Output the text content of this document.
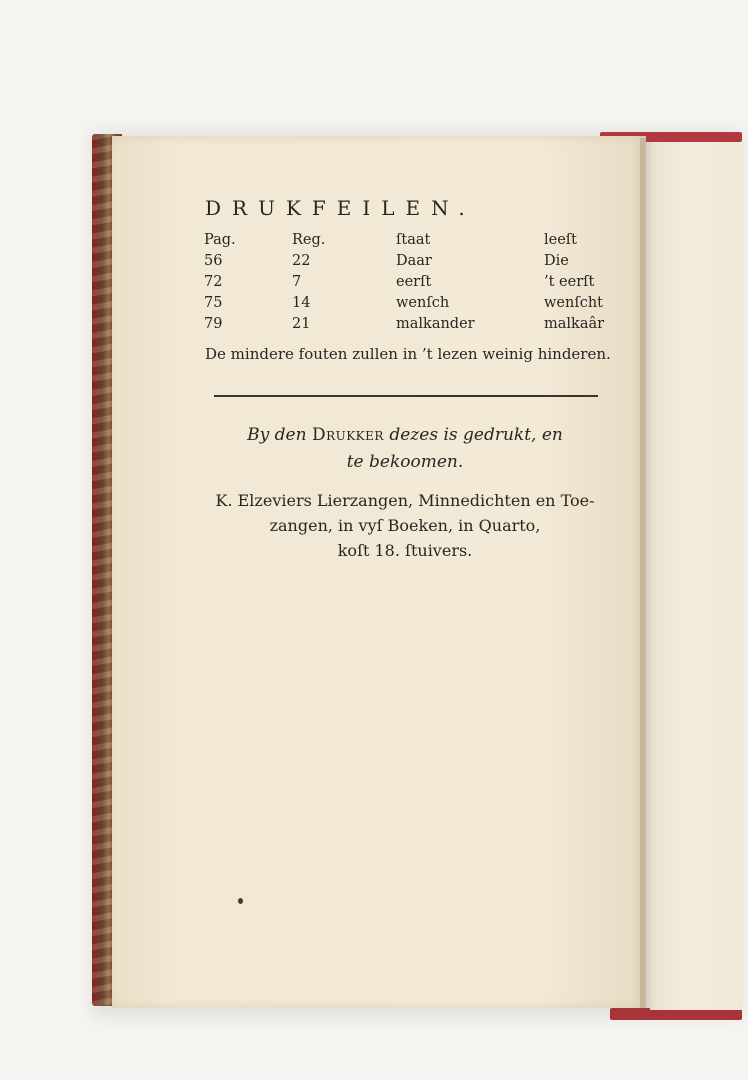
DRUKFEILEN.
Pag.	Reg.	ſtaat	leeſt
56	22	Daar	Die
72	7	eerſt	’t eerſt
75	14	wenſch	wenſcht
79	21	malkander	malkaâr
De mindere fouten zullen in ’t lezen weinig hinderen.
By den Drukker dezes is gedrukt, en
te bekoomen.
K. Elzeviers Lierzangen, Minnedichten en Toe-
zangen, in vyſ Boeken, in Quarto,
koſt 18. ſtuivers.
